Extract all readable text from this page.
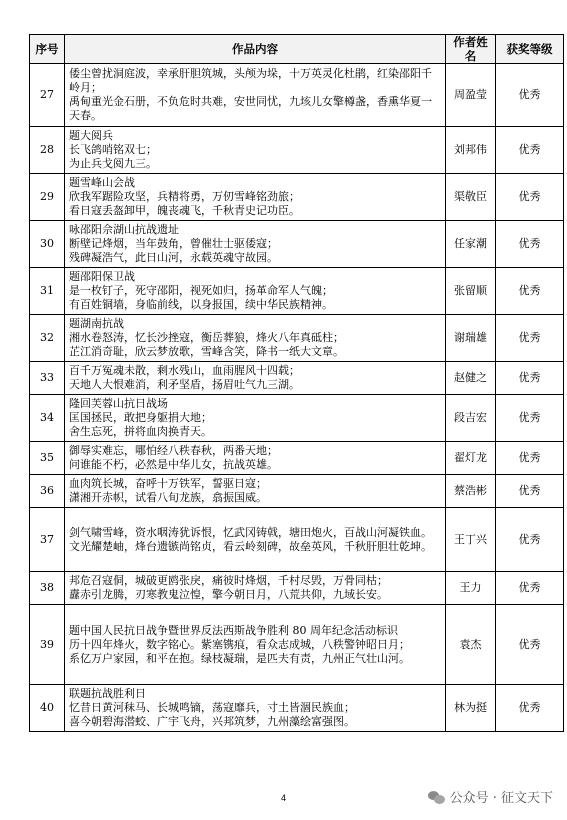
序号	作品内容	作者姓名	获奖等级
27	倭尘曾扰洞庭波，幸承肝胆筑城，头颅为垛，十万英灵化杜鹃，红染邵阳千岭月；
禹甸重光金石册，不负危时共难，安世同忧，九垓儿女擎樽盏，香熏华夏一天春。	周盈莹	优秀
28	题大阅兵
长飞鸽哨铭双七；
为止兵戈阅九三。	刘邦伟	优秀
29	题雪峰山会战
欣我军踞险攻坚，兵精将勇，万仞雪峰铭劲旅；
看日寇丢盔卸甲，魄丧魂飞，千秋青史记功臣。	渠敬臣	优秀
30	咏邵阳佘湖山抗战遗址
断壁记烽烟，当年鼓角，曾催壮士驱倭寇；
残碑凝浩气，此日山河，永载英魂守故园。	任家潮	优秀
31	题邵阳保卫战
是一枚钉子，死守邵阳，视死如归，扬革命军人气魄；
有百姓铜墙，身临前线，以身报国，续中华民族精神。	张留顺	优秀
32	题湖南抗战
湘水卷怒涛，忆长沙挫寇，衡岳葬狼，烽火八年真砥柱；
芷江消奇耻，欣云梦放歌，雪峰含笑，降书一纸大文章。	谢瑞雄	优秀
33	百千万冤魂未散，剩水残山，血雨腥风十四载；
天地人大恨难消，利矛坚盾，扬眉吐气九三湖。	赵健之	优秀
34	隆回芙蓉山抗日战场
匡国拯民，敢把身躯捐大地；
舍生忘死，拼将血肉换青天。	段吉宏	优秀
35	御辱实难忘，哪怕经八秩春秋，两番天地；
问谁能不朽，必然是中华儿女，抗战英雄。	翟灯龙	优秀
36	血肉筑长城，奋呼十万铁军，誓驱日寇；
潇湘开赤帜，试看八旬龙族，翕振国威。	蔡浩彬	优秀
37	剑气啸雪峰，资水咽涛犹诉恨，忆武冈铸戟，塘田炮火，百战山河凝铁血。
文光耀楚岫，烽台遗镞尚铭贞，看云岭刻碑，故垒英风，千秋肝胆壮乾坤。	王丁兴	优秀
38	邦危召寇侗，城破更鸥张戾，痛彼时烽烟，千村尽毁，万骨同枯；
纛赤引龙腾，刃寒教鬼泣惶，擎今朝日月，八荒共仰，九域长安。	王力	优秀
39	题中国人民抗日战争暨世界反法西斯战争胜利 80 周年纪念活动标识
历十四年烽火，数字铭心。紫塞镌痕，看众志成城，八秩警钟昭日月；
系亿万户家园，和平在抱。绿枝凝瑞，是匹夫有责，九州正气壮山河。	袁杰	优秀
40	联题抗战胜利日
忆昔日黄河秣马、长城鸣镝，荡寇靡兵，寸土皆涸民族血；
喜今朝碧海潜蛟、广宇飞舟，兴邦筑梦，九州藻绘富强图。	林为挺	优秀
4	公众号 · 征文天下
